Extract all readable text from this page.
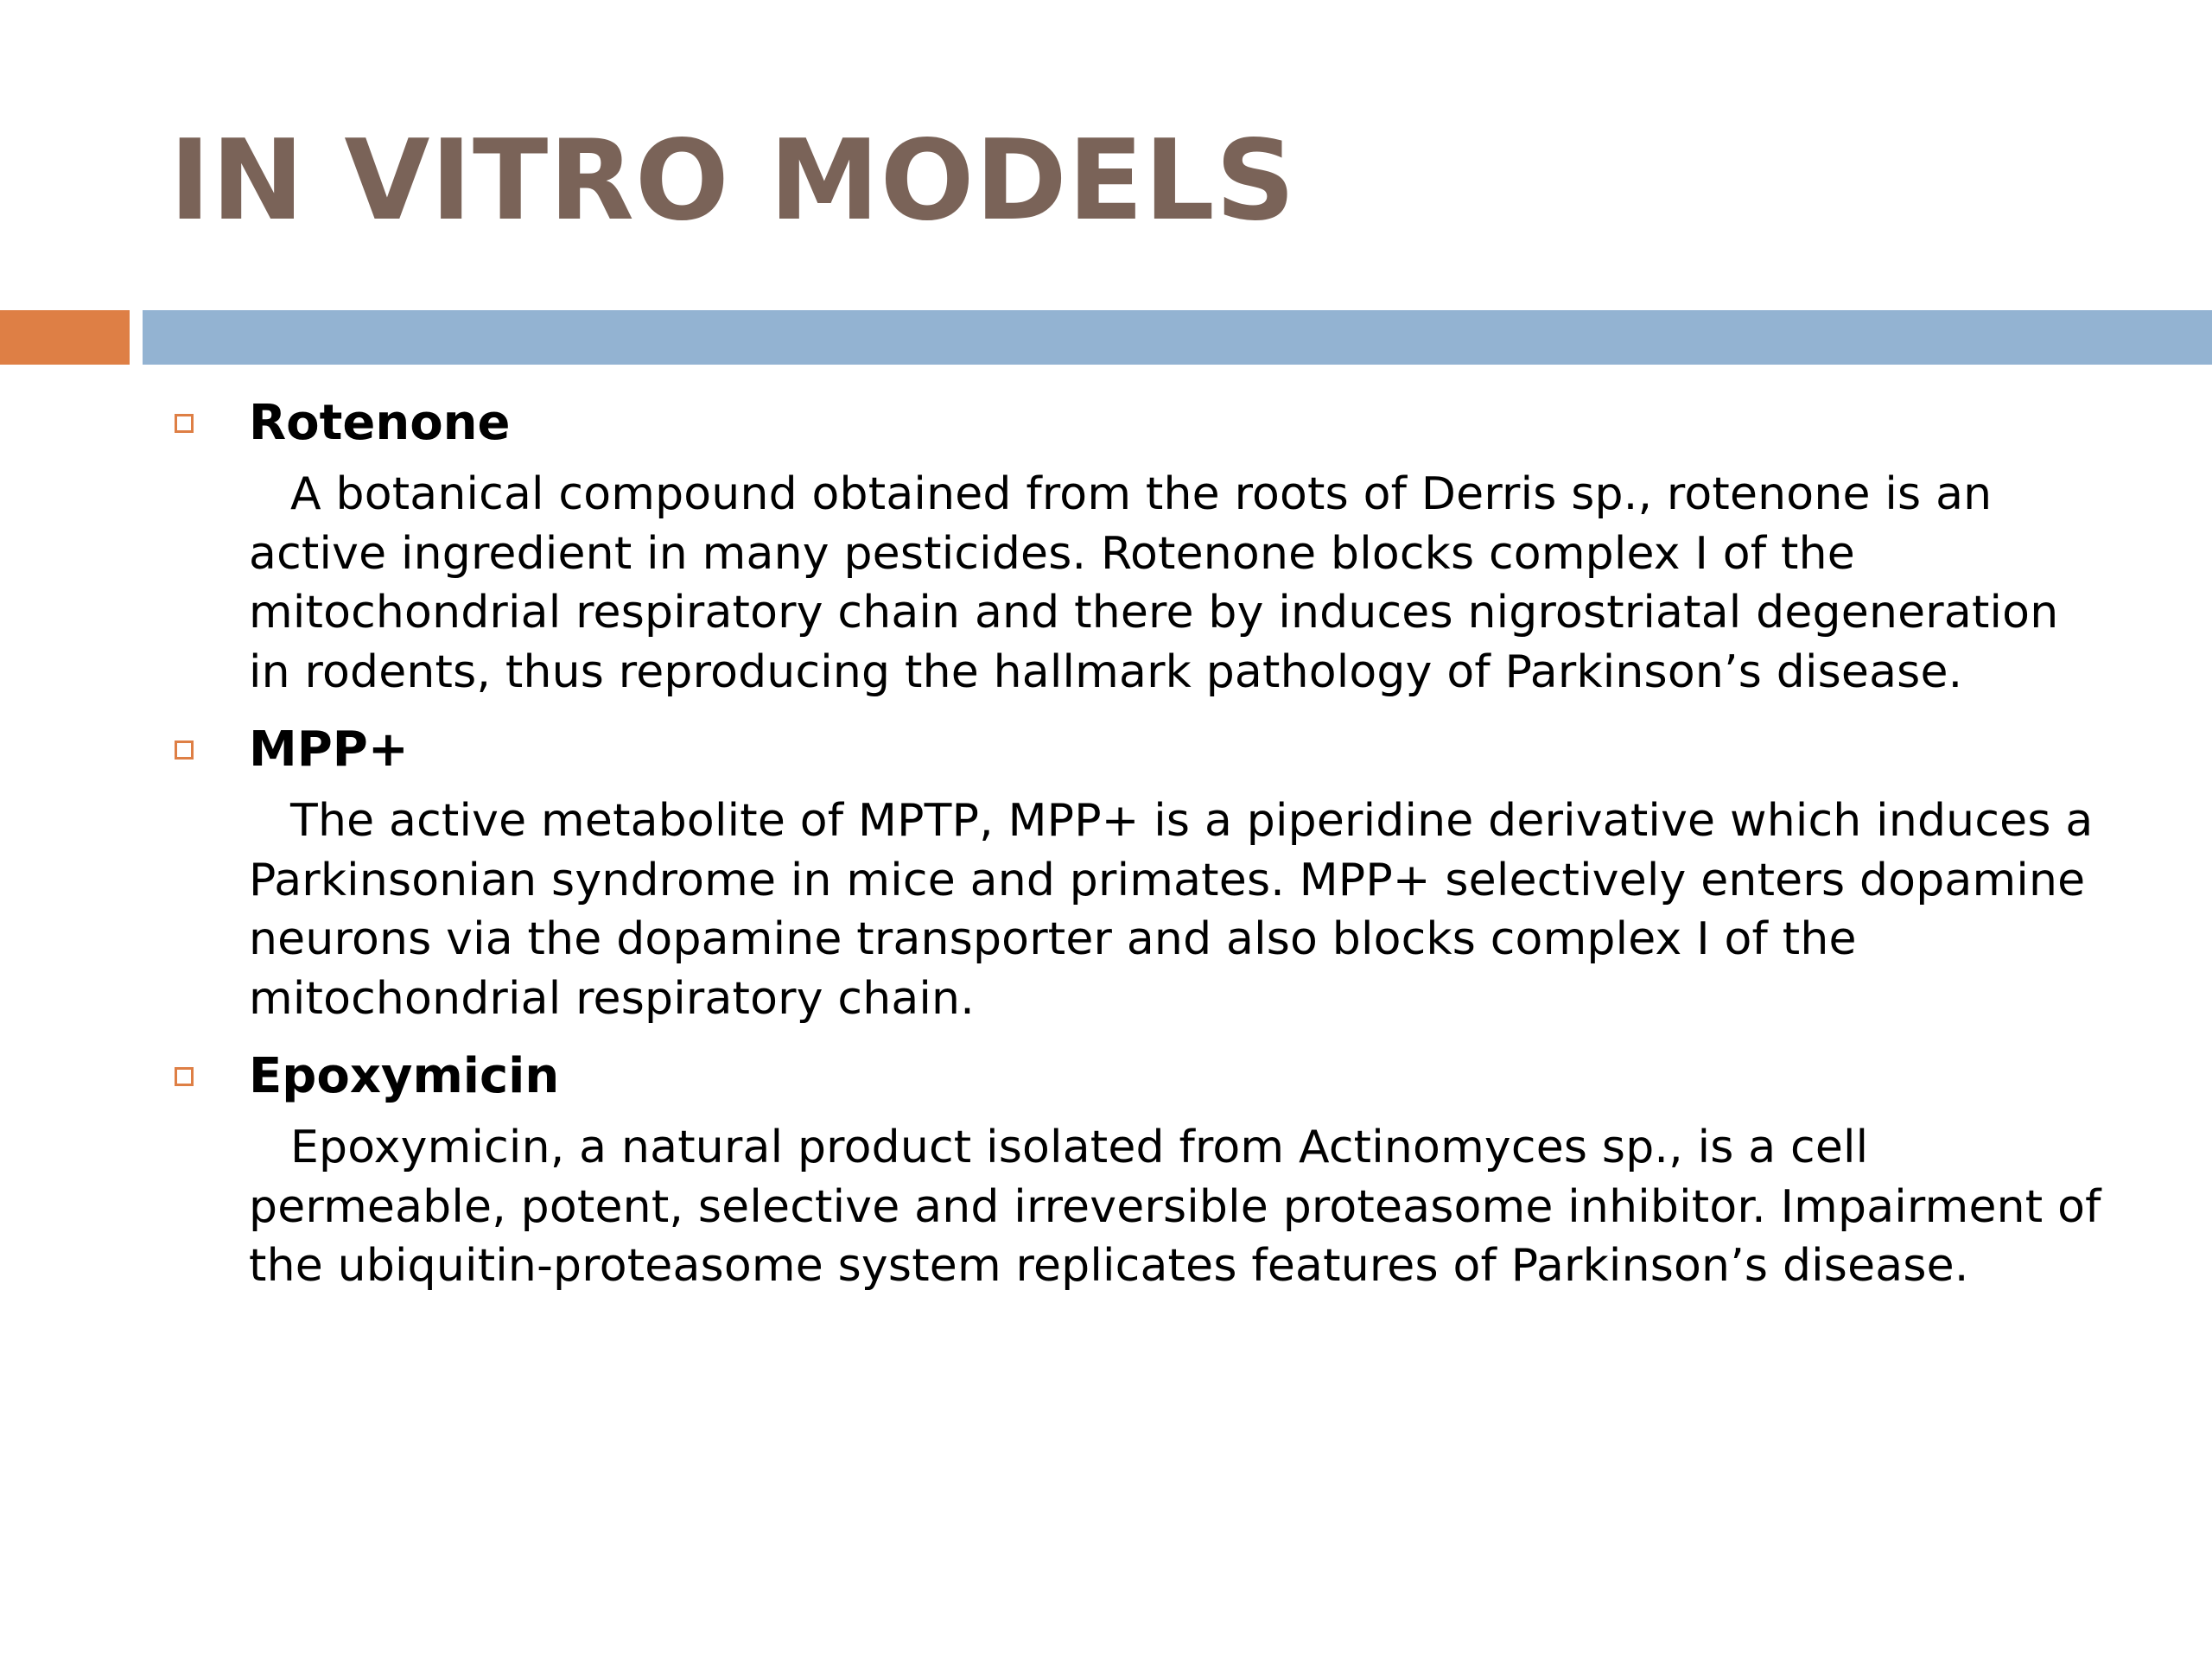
IN VITRO MODELS

Rotenone

A botanical compound obtained from the roots of Derris sp., rotenone is an active ingredient in many pesticides. Rotenone blocks complex I of the mitochondrial respiratory chain and there by induces nigrostriatal degeneration in rodents, thus reproducing the hallmark pathology of Parkinson’s disease.

MPP+

The active metabolite of MPTP, MPP+ is a piperidine derivative which induces a Parkinsonian syndrome in mice and primates. MPP+ selectively enters dopamine neurons via the dopamine transporter and also blocks complex I of the mitochondrial respiratory chain.

Epoxymicin

Epoxymicin, a natural product isolated from Actinomyces sp., is a cell permeable, potent, selective and irreversible proteasome inhibitor. Impairment of the ubiquitin-proteasome system replicates features of Parkinson’s disease.
